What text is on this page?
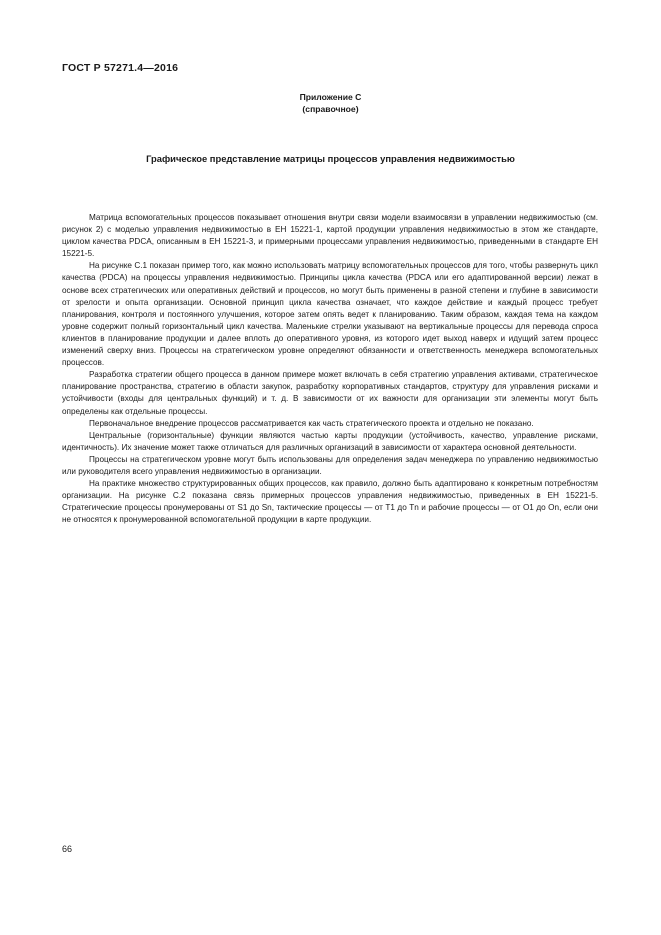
ГОСТ Р 57271.4—2016
Приложение С
(справочное)
Графическое представление матрицы процессов управления недвижимостью

Матрица вспомогательных процессов показывает отношения внутри связи модели взаимосвязи в управлении недвижимостью (см. рисунок 2) с моделью управления недвижимостью в ЕН 15221-1, картой продукции управления недвижимостью в этом же стандарте, циклом качества PDCA, описанным в ЕН 15221-3, и примерными процессами управления недвижимостью, приведенными в стандарте ЕН 15221-5.

На рисунке С.1 показан пример того, как можно использовать матрицу вспомогательных процессов для того, чтобы развернуть цикл качества (PDCA) на процессы управления недвижимостью. Принципы цикла качества (PDCA или его адаптированной версии) лежат в основе всех стратегических или оперативных действий и процессов, но могут быть применены в разной степени и глубине в зависимости от зрелости и опыта организации. Основной принцип цикла качества означает, что каждое действие и каждый процесс требует планирования, контроля и постоянного улучшения, которое затем опять ведет к планированию. Таким образом, каждая тема на каждом уровне содержит полный горизонтальный цикл качества. Маленькие стрелки указывают на вертикальные процессы для перевода спроса клиентов в планирование продукции и далее вплоть до оперативного уровня, из которого идет выход наверх и идущий затем процесс изменений сверху вниз. Процессы на стратегическом уровне определяют обязанности и ответственность менеджера вспомогательных процессов.

Разработка стратегии общего процесса в данном примере может включать в себя стратегию управления активами, стратегическое планирование пространства, стратегию в области закупок, разработку корпоративных стандартов, структуру для управления рисками и устойчивости (входы для центральных функций) и т. д. В зависимости от их важности для организации эти элементы могут быть определены как отдельные процессы.

Первоначальное внедрение процессов рассматривается как часть стратегического проекта и отдельно не показано.

Центральные (горизонтальные) функции являются частью карты продукции (устойчивость, качество, управление рисками, идентичность). Их значение может также отличаться для различных организаций в зависимости от характера основной деятельности.

Процессы на стратегическом уровне могут быть использованы для определения задач менеджера по управлению недвижимостью или руководителя всего управления недвижимостью в организации.

На практике множество структурированных общих процессов, как правило, должно быть адаптировано к конкретным потребностям организации. На рисунке С.2 показана связь примерных процессов управления недвижимостью, приведенных в ЕН 15221-5. Стратегические процессы пронумерованы от S1 до Sn, тактические процессы — от Т1 до Тn и рабочие процессы — от О1 до Оn, если они не относятся к пронумерованной вспомогательной продукции в карте продукции.

66
